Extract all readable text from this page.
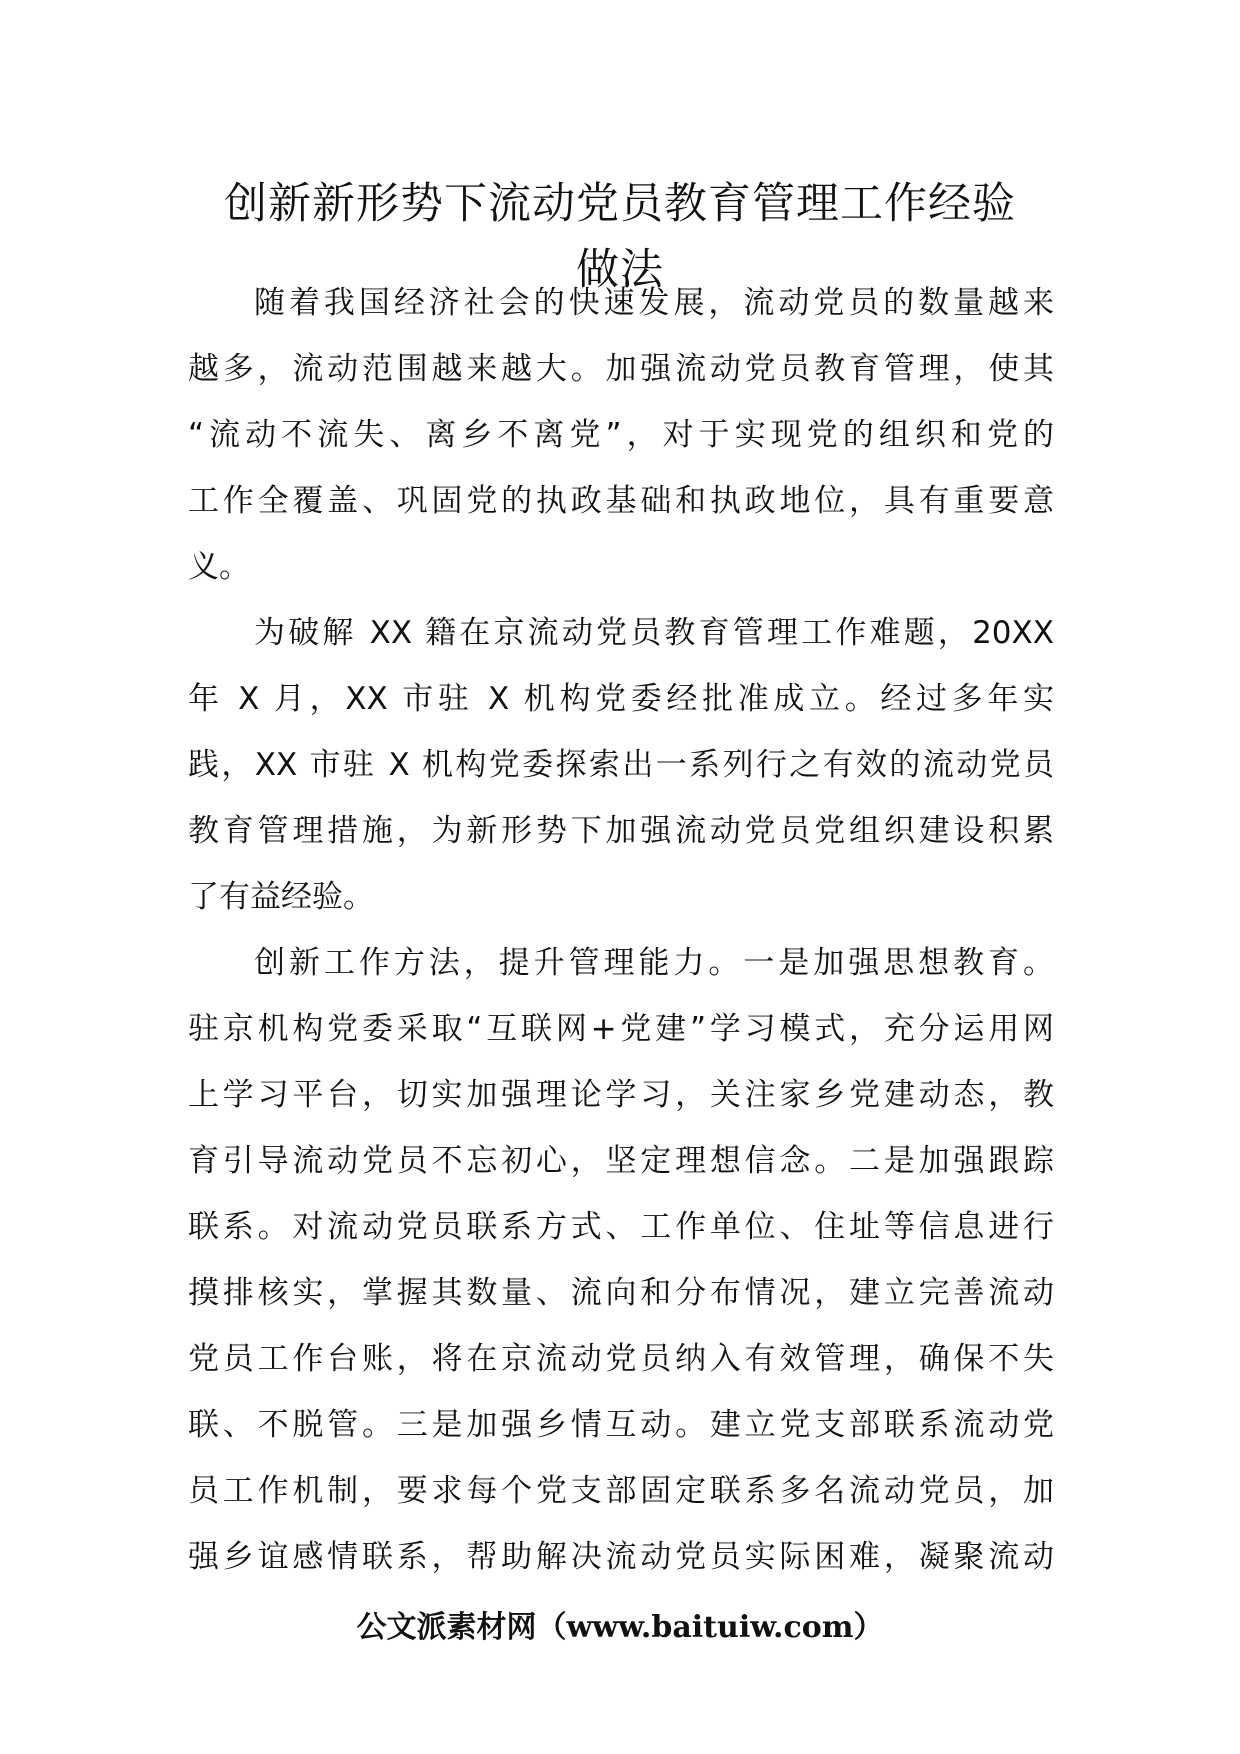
创新新形势下流动党员教育管理工作经验
做法
随着我国经济社会的快速发展，流动党员的数量越来
越多，流动范围越来越大。加强流动党员教育管理，使其
“流动不流失、离乡不离党”，对于实现党的组织和党的
工作全覆盖、巩固党的执政基础和执政地位，具有重要意
义。
为破解 XX 籍在京流动党员教育管理工作难题，20XX
年 X 月，XX 市驻 X 机构党委经批准成立。经过多年实
践，XX 市驻 X 机构党委探索出一系列行之有效的流动党员
教育管理措施，为新形势下加强流动党员党组织建设积累
了有益经验。
创新工作方法，提升管理能力。一是加强思想教育。
驻京机构党委采取“互联网+党建”学习模式，充分运用网
上学习平台，切实加强理论学习，关注家乡党建动态，教
育引导流动党员不忘初心，坚定理想信念。二是加强跟踪
联系。对流动党员联系方式、工作单位、住址等信息进行
摸排核实，掌握其数量、流向和分布情况，建立完善流动
党员工作台账，将在京流动党员纳入有效管理，确保不失
联、不脱管。三是加强乡情互动。建立党支部联系流动党
员工作机制，要求每个党支部固定联系多名流动党员，加
强乡谊感情联系，帮助解决流动党员实际困难，凝聚流动
公文派素材网（www.baituiw.com）
